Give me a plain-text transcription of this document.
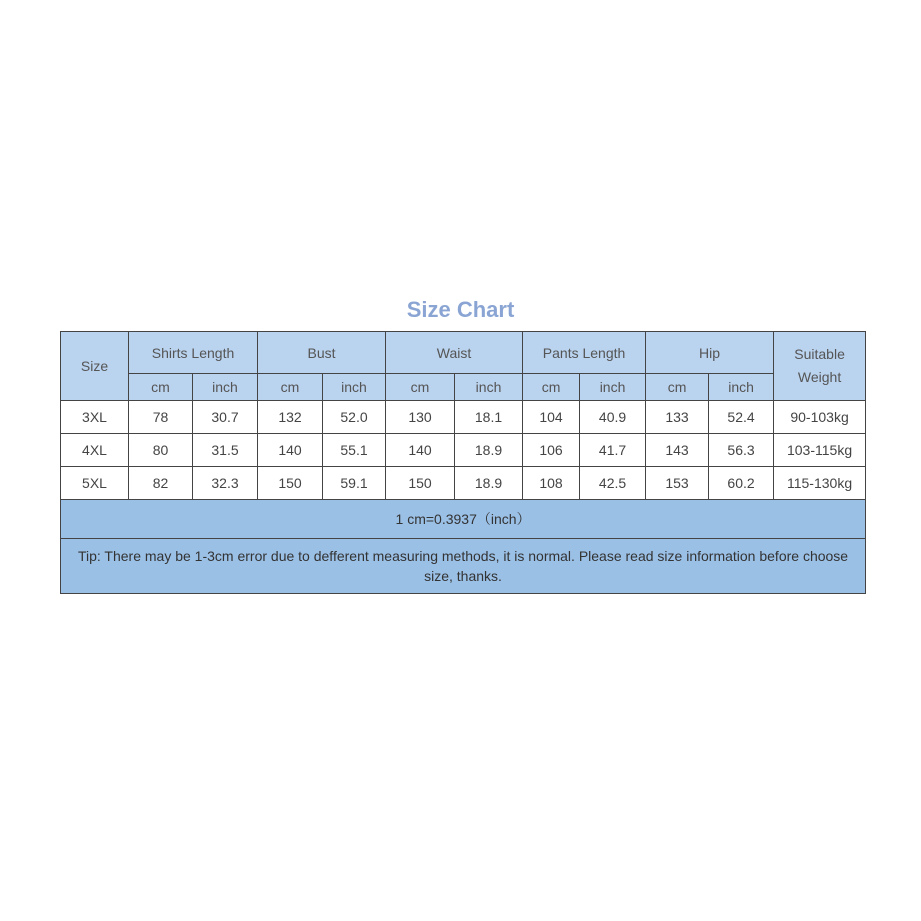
Size Chart
Size	Shirts Length		Bust		Waist		Pants Length		Hip		Suitable Weight
	cm	inch	cm	inch	cm	inch	cm	inch	cm	inch	
3XL	78	30.7	132	52.0	130	18.1	104	40.9	133	52.4	90-103kg
4XL	80	31.5	140	55.1	140	18.9	106	41.7	143	56.3	103-115kg
5XL	82	32.3	150	59.1	150	18.9	108	42.5	153	60.2	115-130kg
1 cm=0.3937（inch）											
Tip: There may be 1-3cm error due to defferent measuring methods, it is normal. Please read size information before choose size, thanks.											
